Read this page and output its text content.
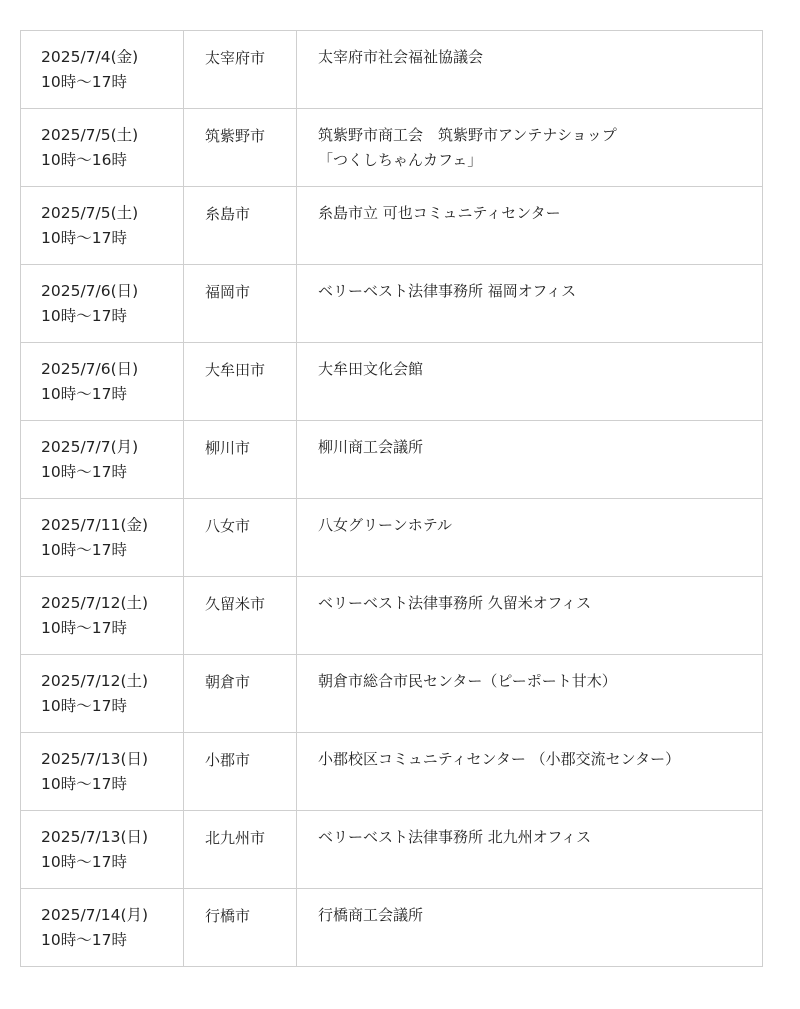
2025/7/4(金)
10時～17時	太宰府市	太宰府市社会福祉協議会

2025/7/5(土)
10時～16時	筑紫野市	筑紫野市商工会　筑紫野市アンテナショップ
「つくしちゃんカフェ」

2025/7/5(土)
10時～17時	糸島市	糸島市立 可也コミュニティセンター

2025/7/6(日)
10時～17時	福岡市	ベリーベスト法律事務所 福岡オフィス

2025/7/6(日)
10時～17時	大牟田市	大牟田文化会館

2025/7/7(月)
10時～17時	柳川市	柳川商工会議所

2025/7/11(金)
10時～17時	八女市	八女グリーンホテル

2025/7/12(土)
10時～17時	久留米市	ベリーベスト法律事務所 久留米オフィス

2025/7/12(土)
10時～17時	朝倉市	朝倉市総合市民センター（ピーポート甘木）

2025/7/13(日)
10時～17時	小郡市	小郡校区コミュニティセンター （小郡交流センター）

2025/7/13(日)
10時～17時	北九州市	ベリーベスト法律事務所 北九州オフィス

2025/7/14(月)
10時～17時	行橋市	行橋商工会議所
